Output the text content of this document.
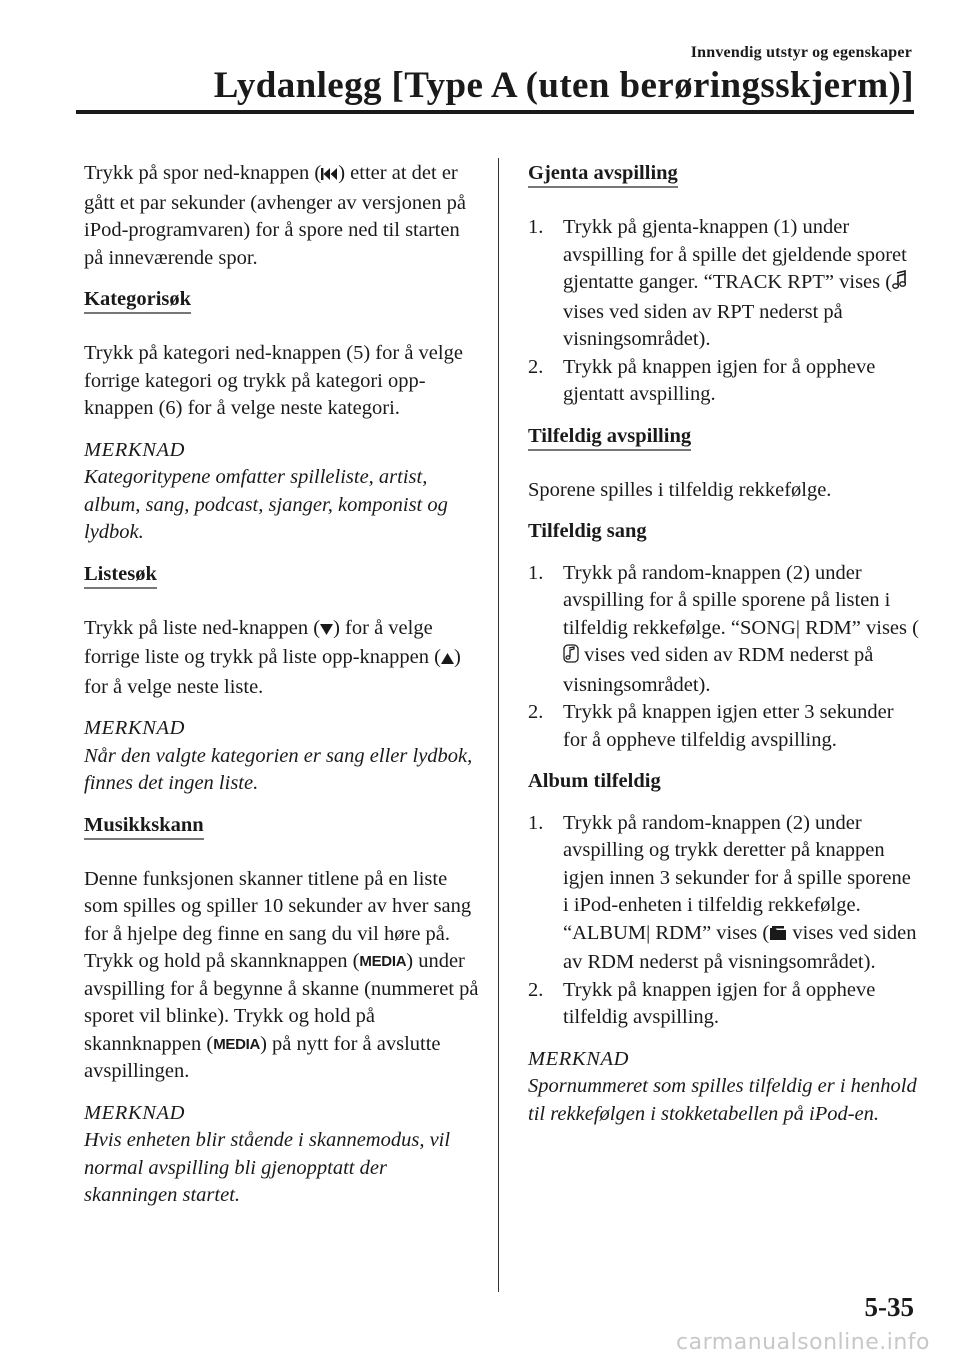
Innvendig utstyr og egenskaper
Lydanlegg [Type A (uten berøringsskjerm)]

Trykk på spor ned-knappen ( ) etter at det er gått et par sekunder (avhenger av versjonen på iPod-programvaren) for å spore ned til starten på inneværende spor.

Kategorisøk

Trykk på kategori ned-knappen (5) for å velge forrige kategori og trykk på kategori opp-knappen (6) for å velge neste kategori.

MERKNAD

Kategoritypene omfatter spilleliste, artist, album, sang, podcast, sjanger, komponist og lydbok.

Listesøk

Trykk på liste ned-knappen ( ) for å velge forrige liste og trykk på liste opp-knappen ( ) for å velge neste liste.

MERKNAD

Når den valgte kategorien er sang eller lydbok, finnes det ingen liste.

Musikkskann

Denne funksjonen skanner titlene på en liste som spilles og spiller 10 sekunder av hver sang for å hjelpe deg finne en sang du vil høre på.

Trykk og hold på skannknappen (MEDIA) under avspilling for å begynne å skanne (nummeret på sporet vil blinke). Trykk og hold på skannknappen (MEDIA) på nytt for å avslutte avspillingen.

MERKNAD

Hvis enheten blir stående i skannemodus, vil normal avspilling bli gjenopptatt der skanningen startet.

Gjenta avspilling
1. Trykk på gjenta-knappen (1) under avspilling for å spille det gjeldende sporet gjentatte ganger. “TRACK RPT” vises (vises ved siden av RPT nederst på visningsområdet).
2. Trykk på knappen igjen for å oppheve gjentatt avspilling.
Tilfeldig avspilling

Sporene spilles i tilfeldig rekkefølge.

Tilfeldig sang

1. Trykk på random-knappen (2) under avspilling for å spille sporene på listen i tilfeldig rekkefølge. “SONG| RDM” vises ( vises ved siden av RDM nederst på visningsområdet).
2. Trykk på knappen igjen etter 3 sekunder for å oppheve tilfeldig avspilling.

Album tilfeldig

1. Trykk på random-knappen (2) under avspilling og trykk deretter på knappen igjen innen 3 sekunder for å spille sporene i iPod-enheten i tilfeldig rekkefølge. “ALBUM| RDM” vises ( vises ved siden av RDM nederst på visningsområdet).
2. Trykk på knappen igjen for å oppheve tilfeldig avspilling.

MERKNAD

Spornummeret som spilles tilfeldig er i henhold til rekkefølgen i stokketabellen på iPod-en.

5-35
carmanualsonline.info
